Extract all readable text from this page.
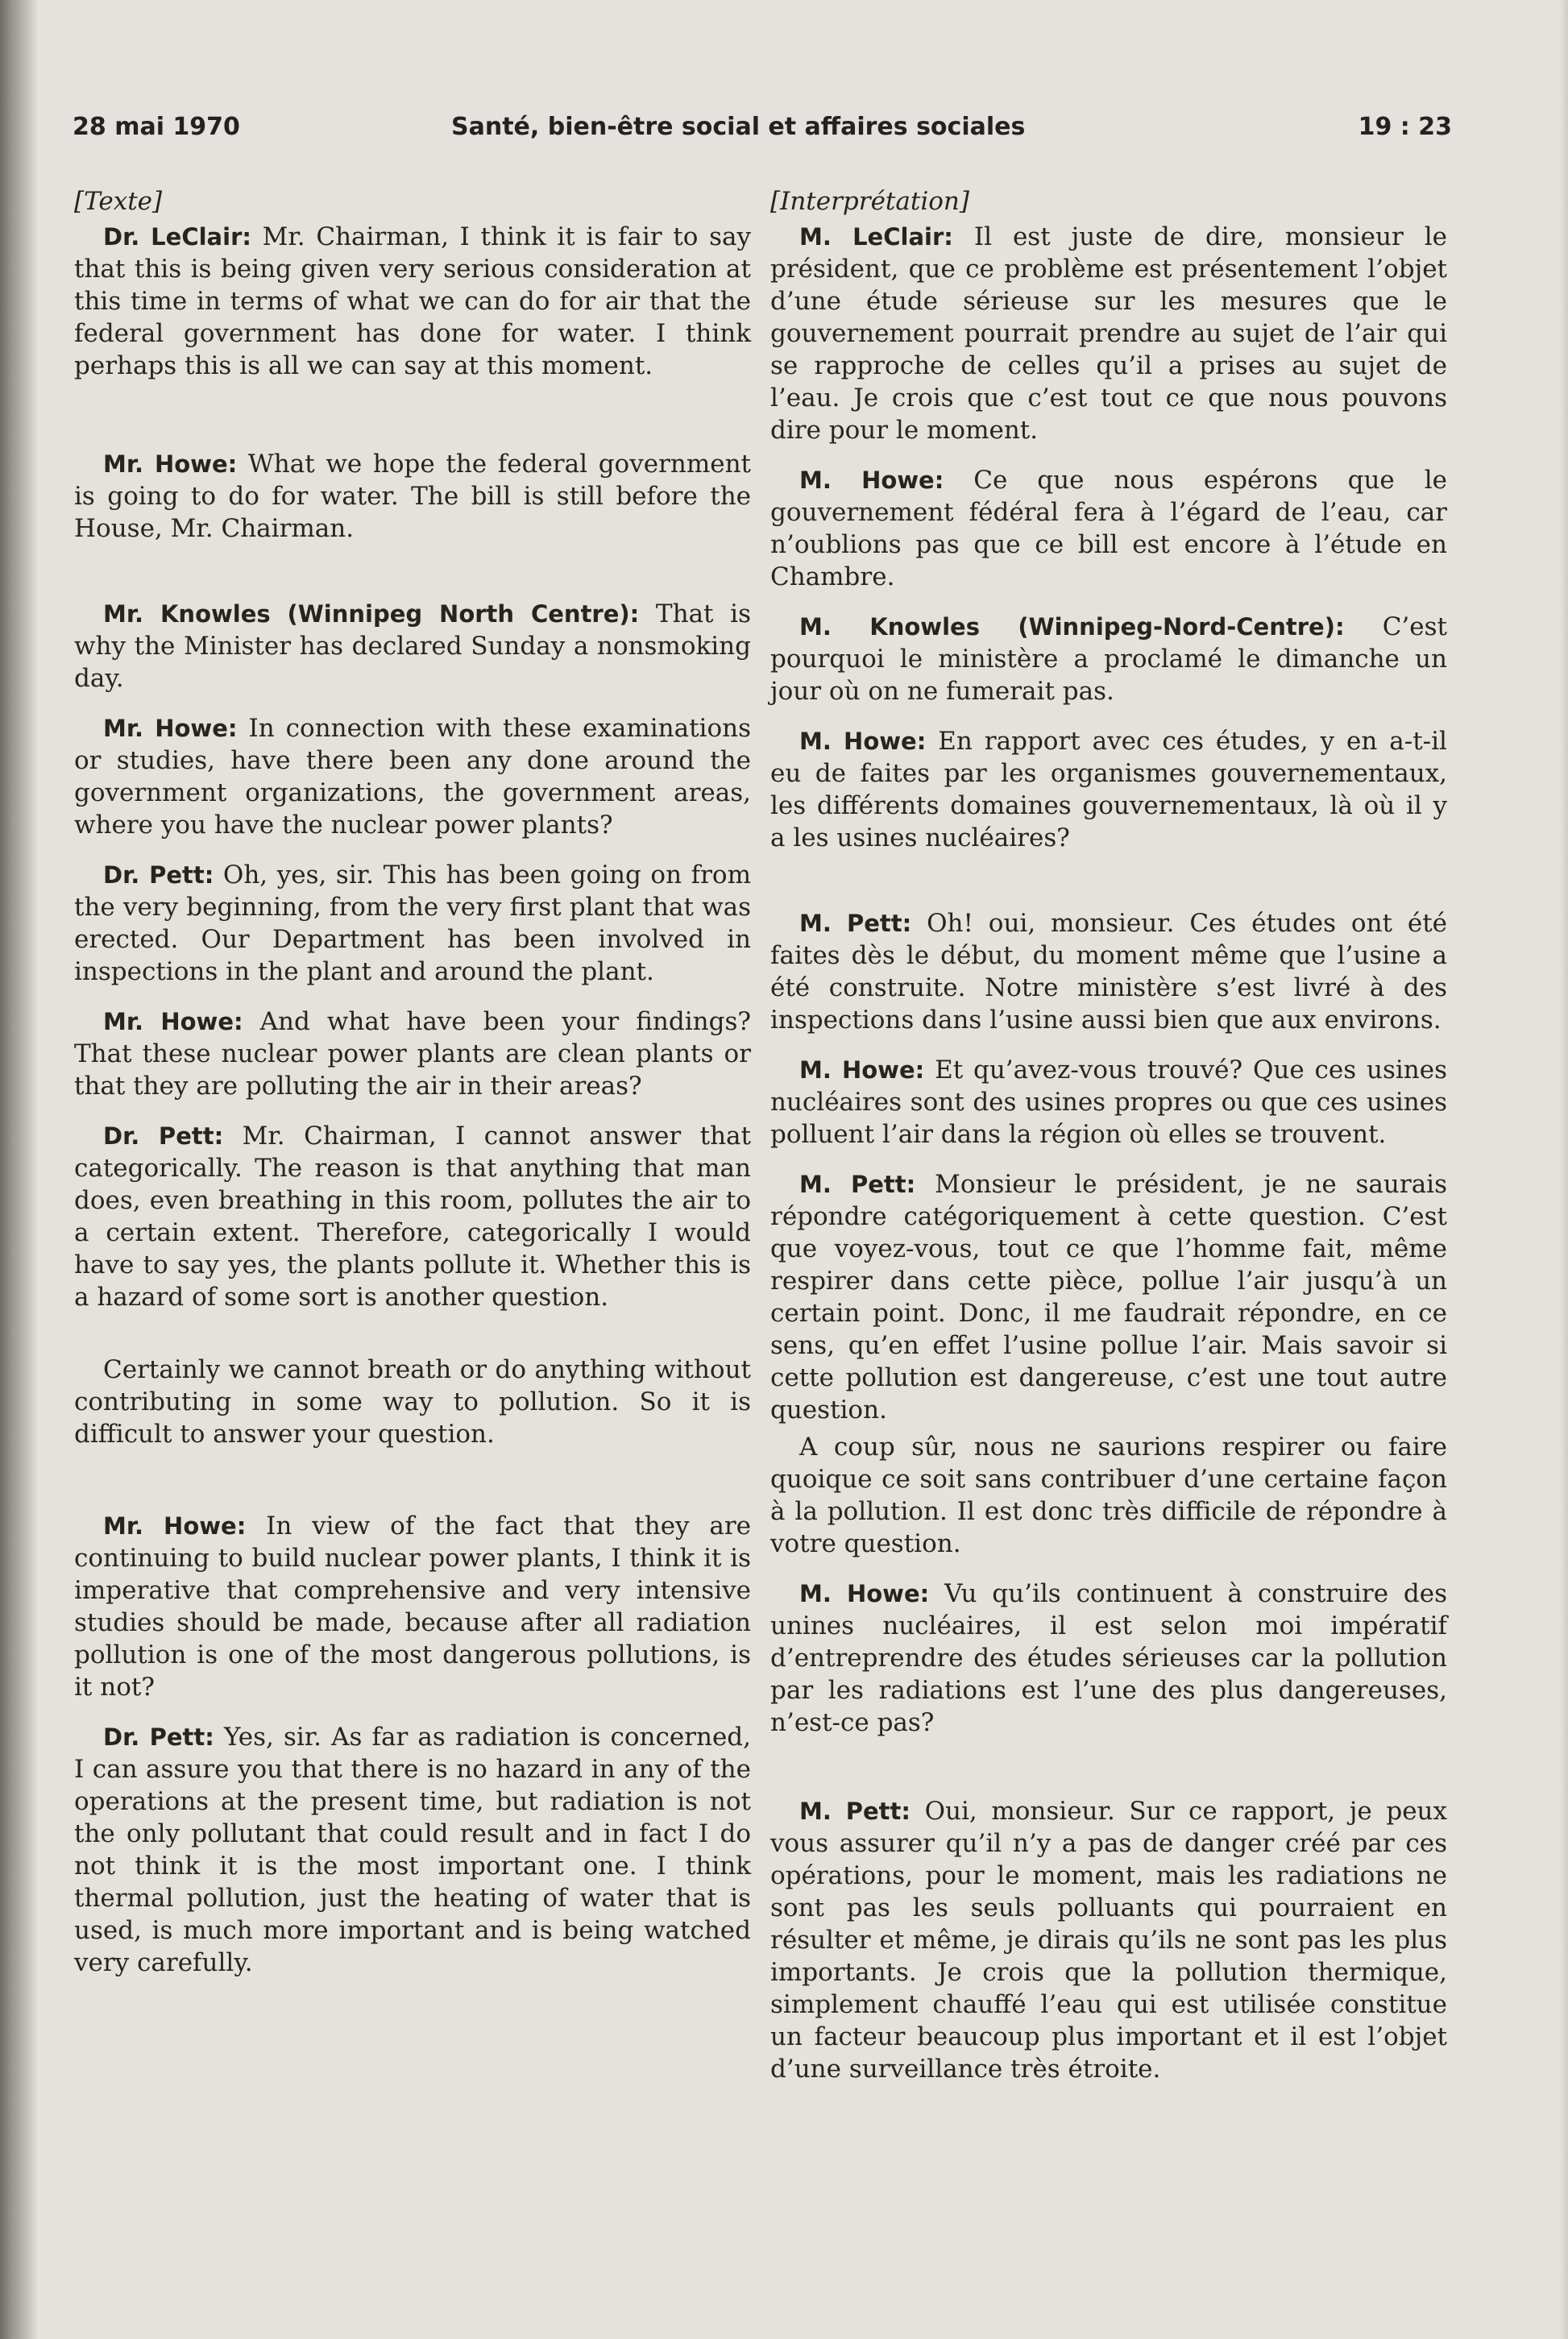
28 mai 1970	Santé, bien-être social et affaires sociales	19 : 23
[Texte]

Dr. LeClair: Mr. Chairman, I think it is fair to say that this is being given very serious consideration at this time in terms of what we can do for air that the federal government has done for water. I think perhaps this is all we can say at this moment.

Mr. Howe: What we hope the federal government is going to do for water. The bill is still before the House, Mr. Chairman.

Mr. Knowles (Winnipeg North Centre): That is why the Minister has declared Sunday a nonsmoking day.

Mr. Howe: In connection with these examinations or studies, have there been any done around the government organizations, the government areas, where you have the nuclear power plants?

Dr. Pett: Oh, yes, sir. This has been going on from the very beginning, from the very first plant that was erected. Our Department has been involved in inspections in the plant and around the plant.

Mr. Howe: And what have been your findings? That these nuclear power plants are clean plants or that they are polluting the air in their areas?

Dr. Pett: Mr. Chairman, I cannot answer that categorically. The reason is that anything that man does, even breathing in this room, pollutes the air to a certain extent. Therefore, categorically I would have to say yes, the plants pollute it. Whether this is a hazard of some sort is another question.

Certainly we cannot breath or do anything without contributing in some way to pollution. So it is difficult to answer your question.

Mr. Howe: In view of the fact that they are continuing to build nuclear power plants, I think it is imperative that comprehensive and very intensive studies should be made, because after all radiation pollution is one of the most dangerous pollutions, is it not?

Dr. Pett: Yes, sir. As far as radiation is concerned, I can assure you that there is no hazard in any of the operations at the present time, but radiation is not the only pollutant that could result and in fact I do not think it is the most important one. I think thermal pollution, just the heating of water that is used, is much more important and is being watched very carefully.

[Interprétation]

M. LeClair: Il est juste de dire, monsieur le président, que ce problème est présentement l’objet d’une étude sérieuse sur les mesures que le gouvernement pourrait prendre au sujet de l’air qui se rapproche de celles qu’il a prises au sujet de l’eau. Je crois que c’est tout ce que nous pouvons dire pour le moment.

M. Howe: Ce que nous espérons que le gouvernement fédéral fera à l’égard de l’eau, car n’oublions pas que ce bill est encore à l’étude en Chambre.

M. Knowles (Winnipeg-Nord-Centre): C’est pourquoi le ministère a proclamé le dimanche un jour où on ne fumerait pas.

M. Howe: En rapport avec ces études, y en a-t-il eu de faites par les organismes gouvernementaux, les différents domaines gouvernementaux, là où il y a les usines nucléaires?

M. Pett: Oh! oui, monsieur. Ces études ont été faites dès le début, du moment même que l’usine a été construite. Notre ministère s’est livré à des inspections dans l’usine aussi bien que aux environs.

M. Howe: Et qu’avez-vous trouvé? Que ces usines nucléaires sont des usines propres ou que ces usines polluent l’air dans la région où elles se trouvent.

M. Pett: Monsieur le président, je ne saurais répondre catégoriquement à cette question. C’est que voyez-vous, tout ce que l’homme fait, même respirer dans cette pièce, pollue l’air jusqu’à un certain point. Donc, il me faudrait répondre, en ce sens, qu’en effet l’usine pollue l’air. Mais savoir si cette pollution est dangereuse, c’est une tout autre question.

A coup sûr, nous ne saurions respirer ou faire quoique ce soit sans contribuer d’une certaine façon à la pollution. Il est donc très difficile de répondre à votre question.

M. Howe: Vu qu’ils continuent à construire des unines nucléaires, il est selon moi impératif d’entreprendre des études sérieuses car la pollution par les radiations est l’une des plus dangereuses, n’est-ce pas?

M. Pett: Oui, monsieur. Sur ce rapport, je peux vous assurer qu’il n’y a pas de danger créé par ces opérations, pour le moment, mais les radiations ne sont pas les seuls polluants qui pourraient en résulter et même, je dirais qu’ils ne sont pas les plus importants. Je crois que la pollution thermique, simplement chauffé l’eau qui est utilisée constitue un facteur beaucoup plus important et il est l’objet d’une surveillance très étroite.
